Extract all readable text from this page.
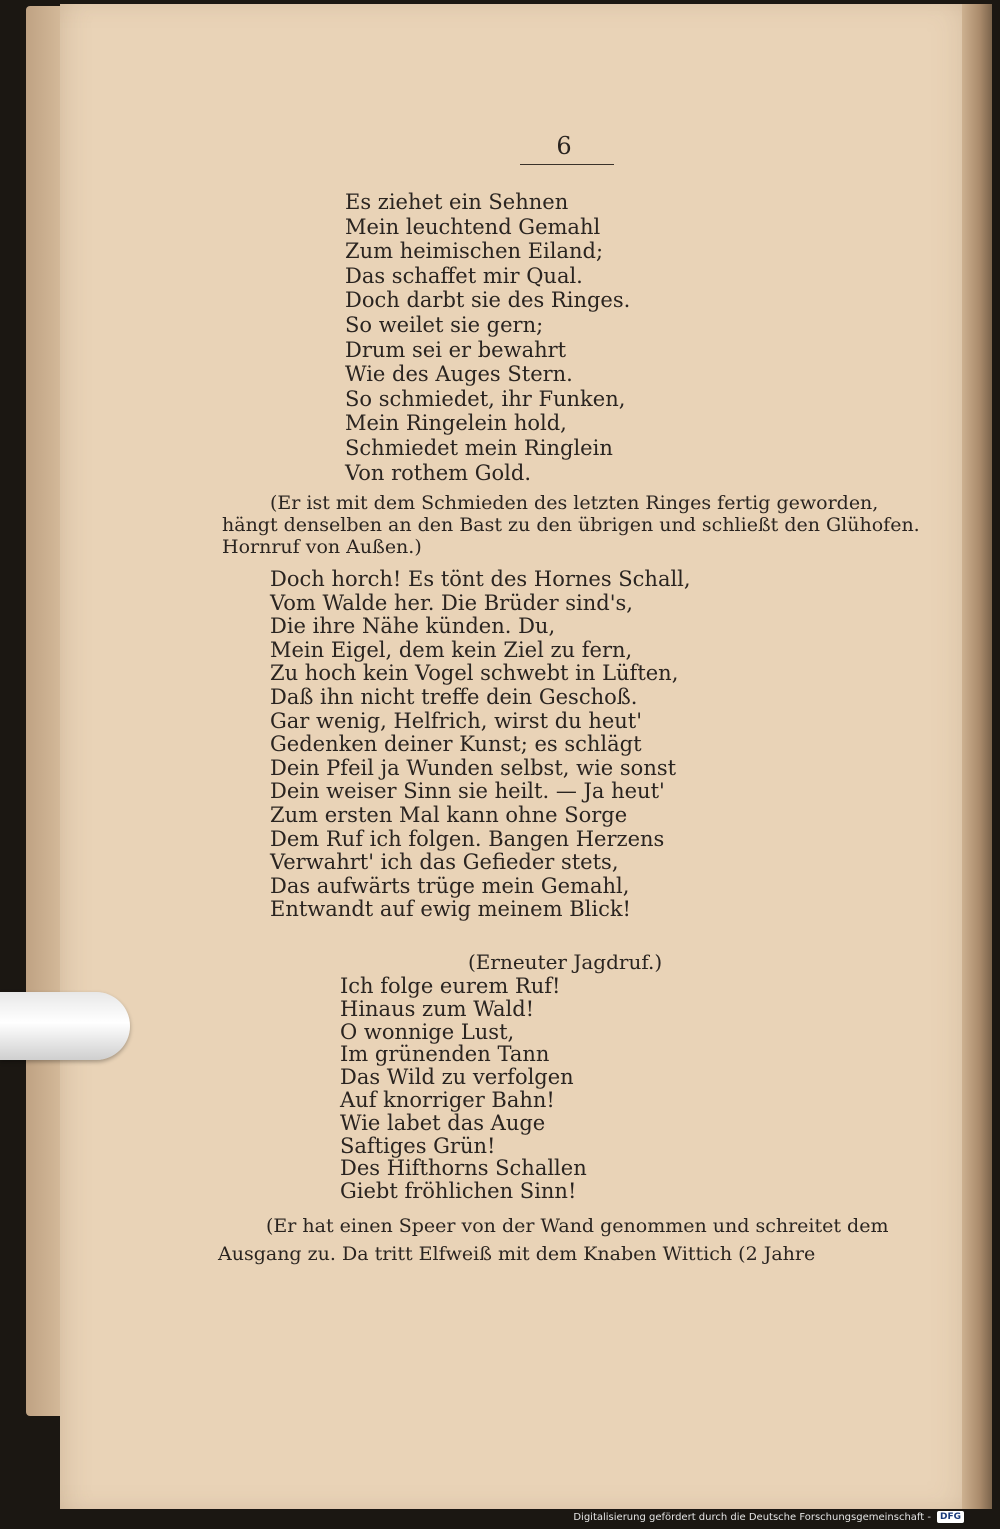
6
Es ziehet ein Sehnen
Mein leuchtend Gemahl
Zum heimischen Eiland;
Das schaffet mir Qual.
Doch darbt sie des Ringes.
So weilet sie gern;
Drum sei er bewahrt
Wie des Auges Stern.
So schmiedet, ihr Funken,
Mein Ringelein hold,
Schmiedet mein Ringlein
Von rothem Gold.
(Er ist mit dem Schmieden des letzten Ringes fertig geworden,
hängt denselben an den Bast zu den übrigen und schließt den Glühofen.
Hornruf von Außen.)
Doch horch! Es tönt des Hornes Schall,
Vom Walde her. Die Brüder sind's,
Die ihre Nähe künden. Du,
Mein Eigel, dem kein Ziel zu fern,
Zu hoch kein Vogel schwebt in Lüften,
Daß ihn nicht treffe dein Geschoß.
Gar wenig, Helfrich, wirst du heut'
Gedenken deiner Kunst; es schlägt
Dein Pfeil ja Wunden selbst, wie sonst
Dein weiser Sinn sie heilt. — Ja heut'
Zum ersten Mal kann ohne Sorge
Dem Ruf ich folgen. Bangen Herzens
Verwahrt' ich das Gefieder stets,
Das aufwärts trüge mein Gemahl,
Entwandt auf ewig meinem Blick!
(Erneuter Jagdruf.)
Ich folge eurem Ruf!
Hinaus zum Wald!
O wonnige Lust,
Im grünenden Tann
Das Wild zu verfolgen
Auf knorriger Bahn!
Wie labet das Auge
Saftiges Grün!
Des Hifthorns Schallen
Giebt fröhlichen Sinn!
(Er hat einen Speer von der Wand genommen und schreitet dem
Ausgang zu. Da tritt Elfweiß mit dem Knaben Wittich (2 Jahre
Digitalisierung gefördert durch die Deutsche Forschungsgemeinschaft -	DFG
